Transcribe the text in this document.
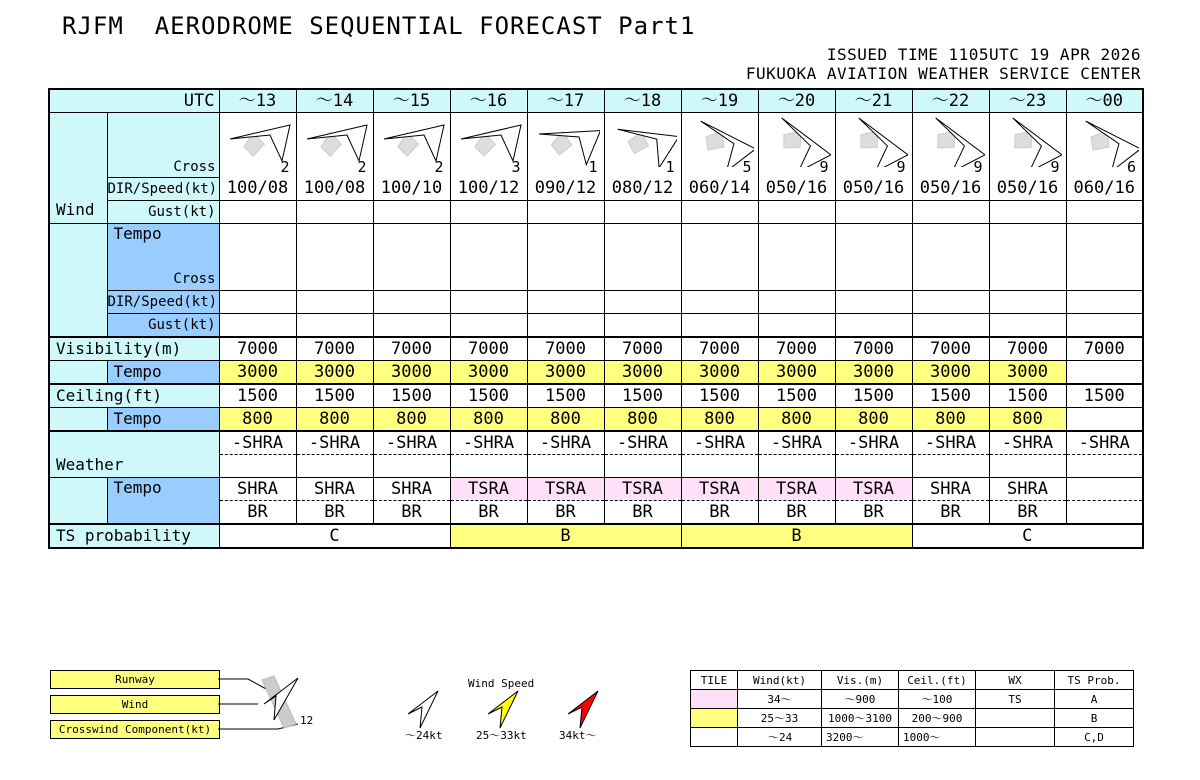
RJFM  AERODROME SEQUENTIAL FORECAST Part1
ISSUED TIME 1105UTC 19 APR 2026
FUKUOKA AVIATION WEATHER SERVICE CENTER
UTC		～13	～14	～15	～16	～17	～18	～19	～20	～21	～22	～23	～00
Wind	Cross	2	2	2	3	1	1	5	9	9	9	9	6

	DIR/Speed(kt)	100/08	100/08	100/10	100/12	090/12	080/12	060/14	050/16	050/16	050/16	050/16	060/16
	Gust(kt)												
	Tempo												
	Cross												
	DIR/Speed(kt)												
	Gust(kt)												
Visibility(m)		7000	7000	7000	7000	7000	7000	7000	7000	7000	7000	7000	7000
	Tempo	3000	3000	3000	3000	3000	3000	3000	3000	3000	3000	3000	
Ceiling(ft)		1500	1500	1500	1500	1500	1500	1500	1500	1500	1500	1500	1500
	Tempo	800	800	800	800	800	800	800	800	800	800	800	
Weather		-SHRA	-SHRA	-SHRA	-SHRA	-SHRA	-SHRA	-SHRA	-SHRA	-SHRA	-SHRA	-SHRA	-SHRA

	Tempo	SHRA	SHRA	SHRA	TSRA	TSRA	TSRA	TSRA	TSRA	TSRA	SHRA	SHRA	
		BR	BR	BR	BR	BR	BR	BR	BR	BR	BR	BR	
TS probability		C			B			B			C		
Runway
Wind
Crosswind Component(kt)
12
Wind Speed
～24kt	25～33kt	34kt～
TILE	Wind(kt)	Vis.(m)	Ceil.(ft)	WX	TS Prob.
	34～	～900	～100	TS	A
	25～33	1000～3100	200～900		B
	～24	3200～	1000～		C,D
